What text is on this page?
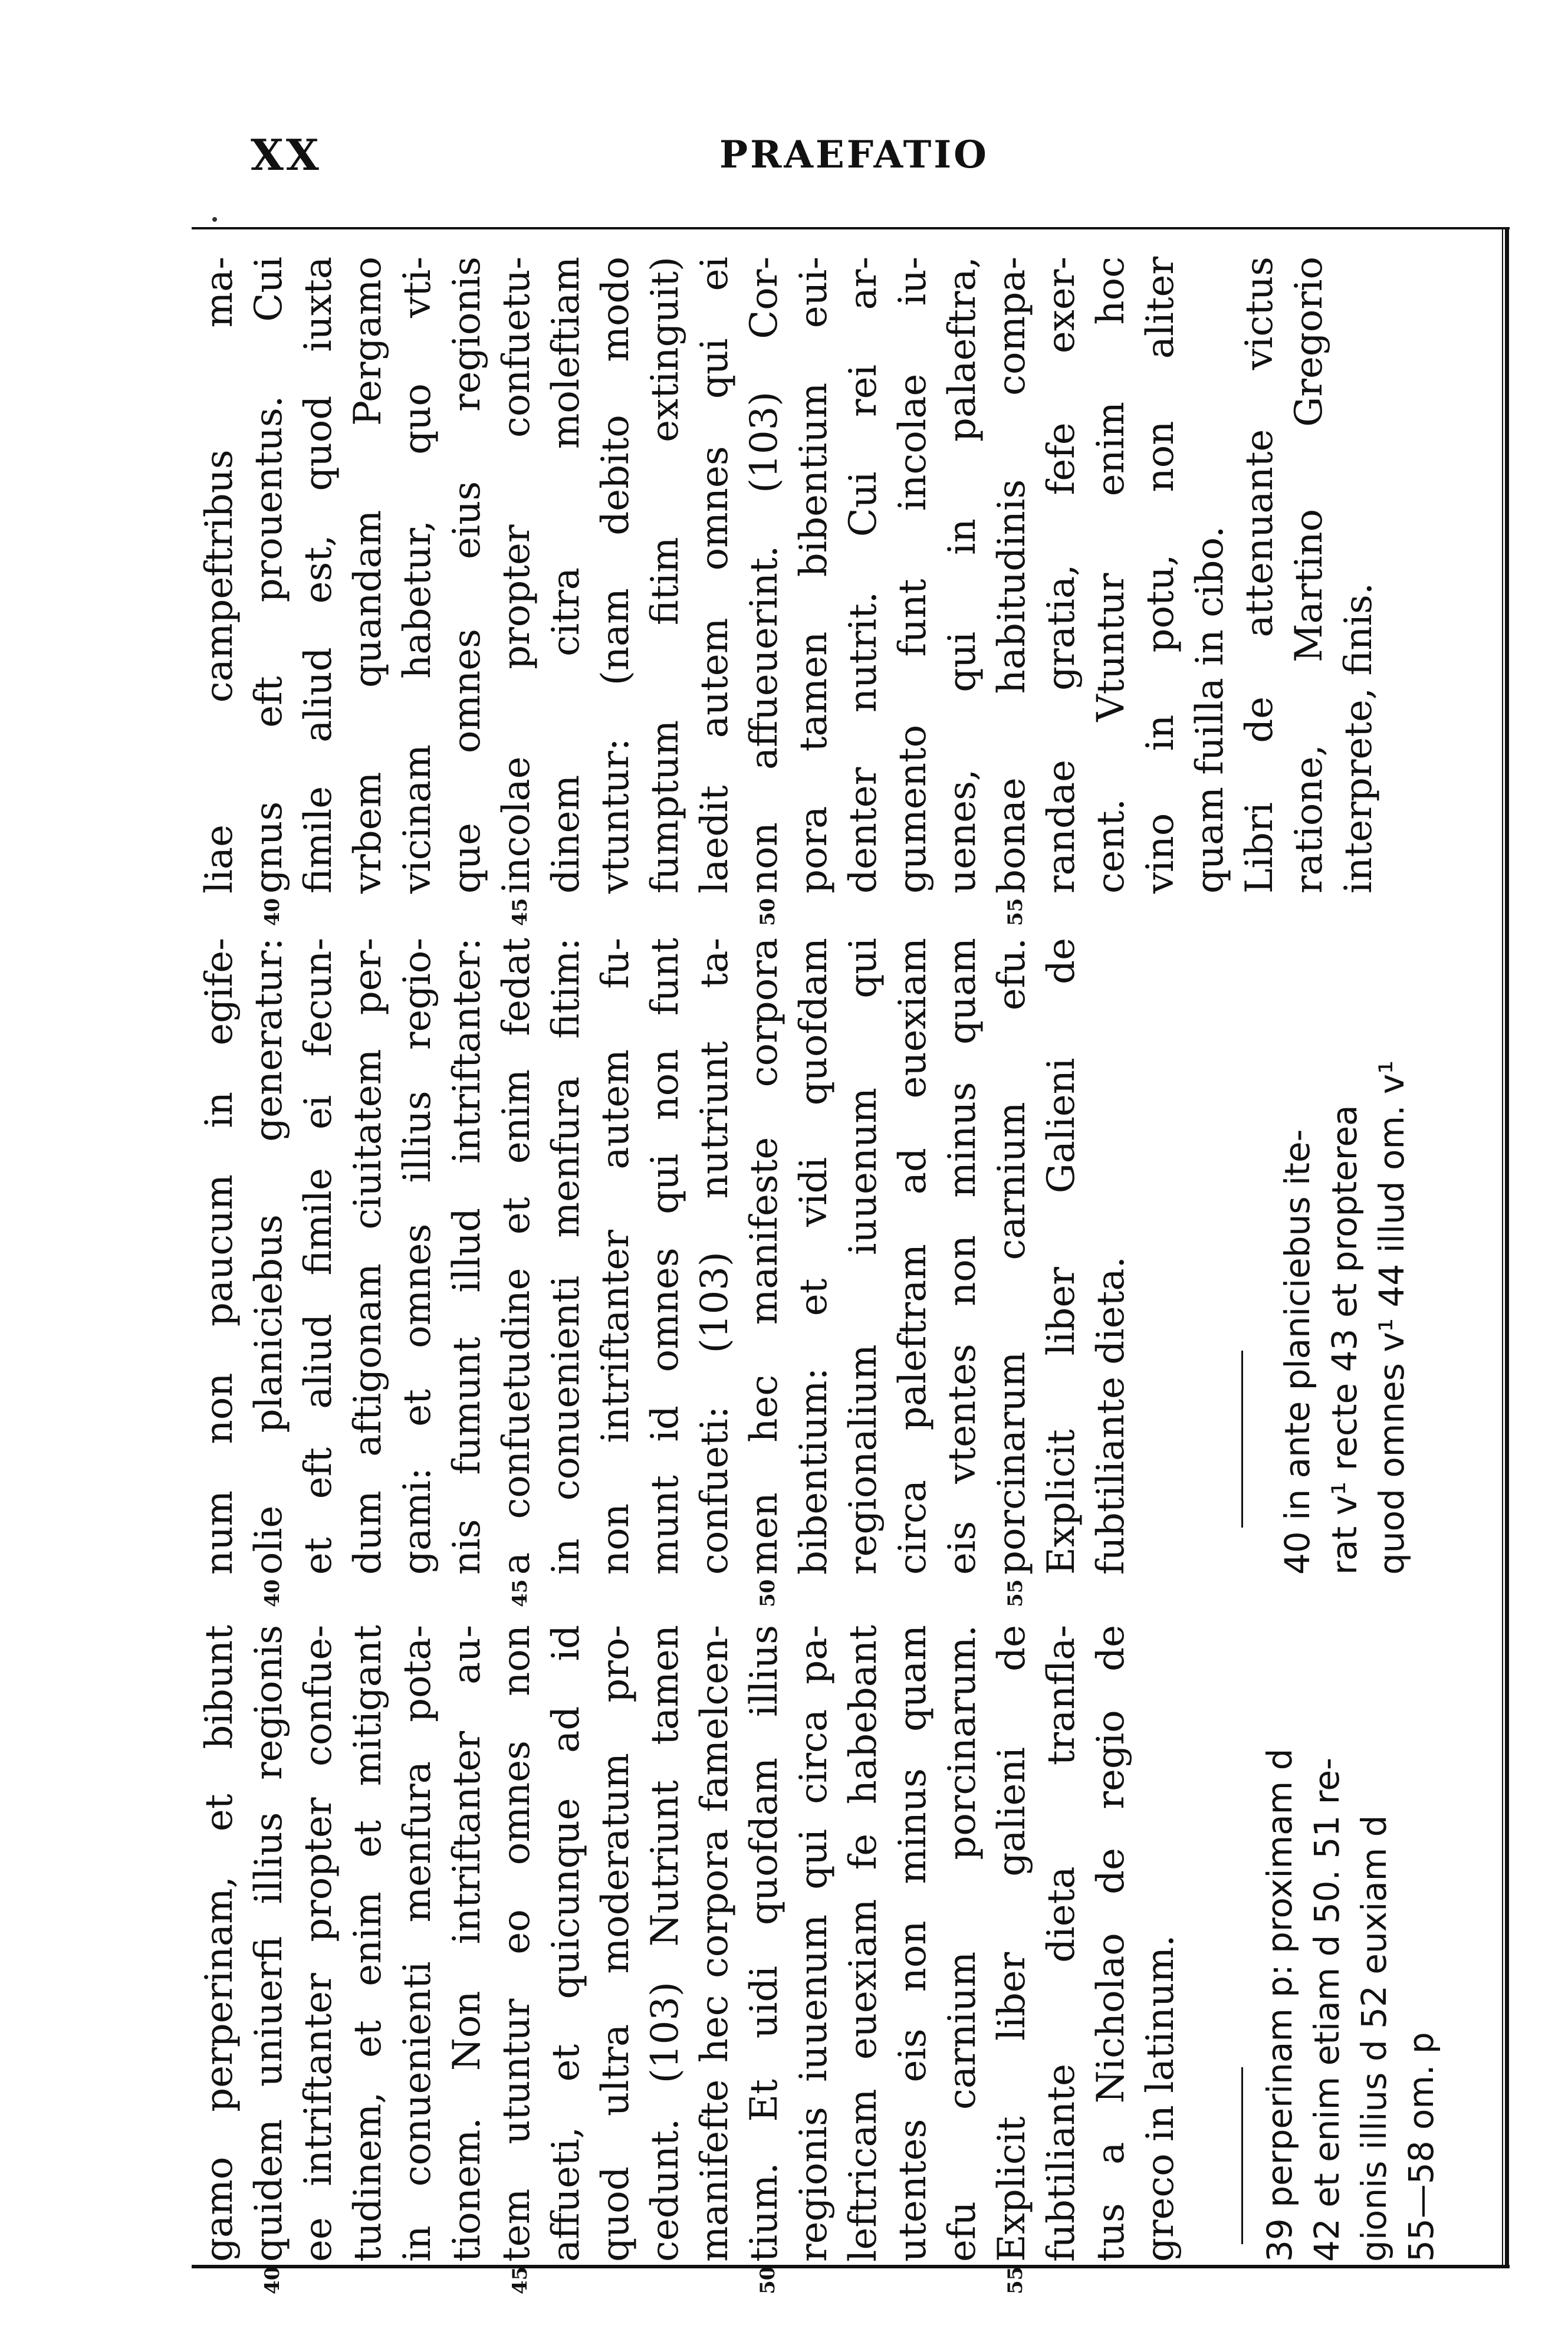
XX	PRAEFATIO
gamo perperinam, et bibunt quidem uniuerfi illius regionis
40
ee intriftanter propter confue- tudinem, et enim et mitigant in conuenienti menfura pota- tionem. Non intriftanter au- tem utuntur eo omnes non
45
affueti, et quicunque ad id quod ultra moderatum pro- cedunt. (103) Nutriunt tamen manifefte hec corpora famelcen- tium. Et uidi quofdam illius
50
regionis iuuenum qui circa pa- leftricam euexiam fe habebant utentes eis non minus quam efu carnium porcinarum. Explicit liber galieni de
55
fubtiliante dieta tranfla- tus a Nicholao de regio de greco in latinum. 39 perperinam p: proximam d 42 et enim etiam d 50. 51 re- gionis illius d 52 euxiam d 55—58 om. p
num non paucum in egife- olie planiciebus generatur:
40
et eft aliud fimile ei fecun- dum aftigonam ciuitatem per- gami: et omnes illius regio- nis fumunt illud intriftanter: a confuetudine et enim fedat
45
in conuenienti menfura fitim: non intriftanter autem fu- munt id omnes qui non funt confueti: (103) nutriunt ta- men hec manifeste corpora
50
bibentium: et vidi quofdam regionalium iuuenum qui circa paleftram ad euexiam eis vtentes non minus quam porcinarum carnium efu.
55
Explicit liber Galieni de fubtiliante dieta.	40 in ante planiciebus ite- rat v¹ recte 43 et propterea quod omnes v¹ 44 illud om. v¹
liae campeftribus ma- gnus eft prouentus. Cui
40
fimile aliud est, quod iuxta vrbem quandam Pergamo vicinam habetur, quo vti- que omnes eius regionis incolae propter confuetu-
45
dinem citra moleftiam vtuntur: (nam debito modo fumptum fitim extinguit) laedit autem omnes qui ei non affueuerint. (103) Cor-
50
pora tamen bibentium eui- denter nutrit. Cui rei ar- gumento funt incolae iu- uenes, qui in palaeftra, bonae habitudinis compa-
55
randae gratia, fefe exer- cent. Vtuntur enim hoc vino in potu, non aliter quam fuilla in cibo. Libri de attenuante victus ratione, Martino Gregorio interprete, finis.
